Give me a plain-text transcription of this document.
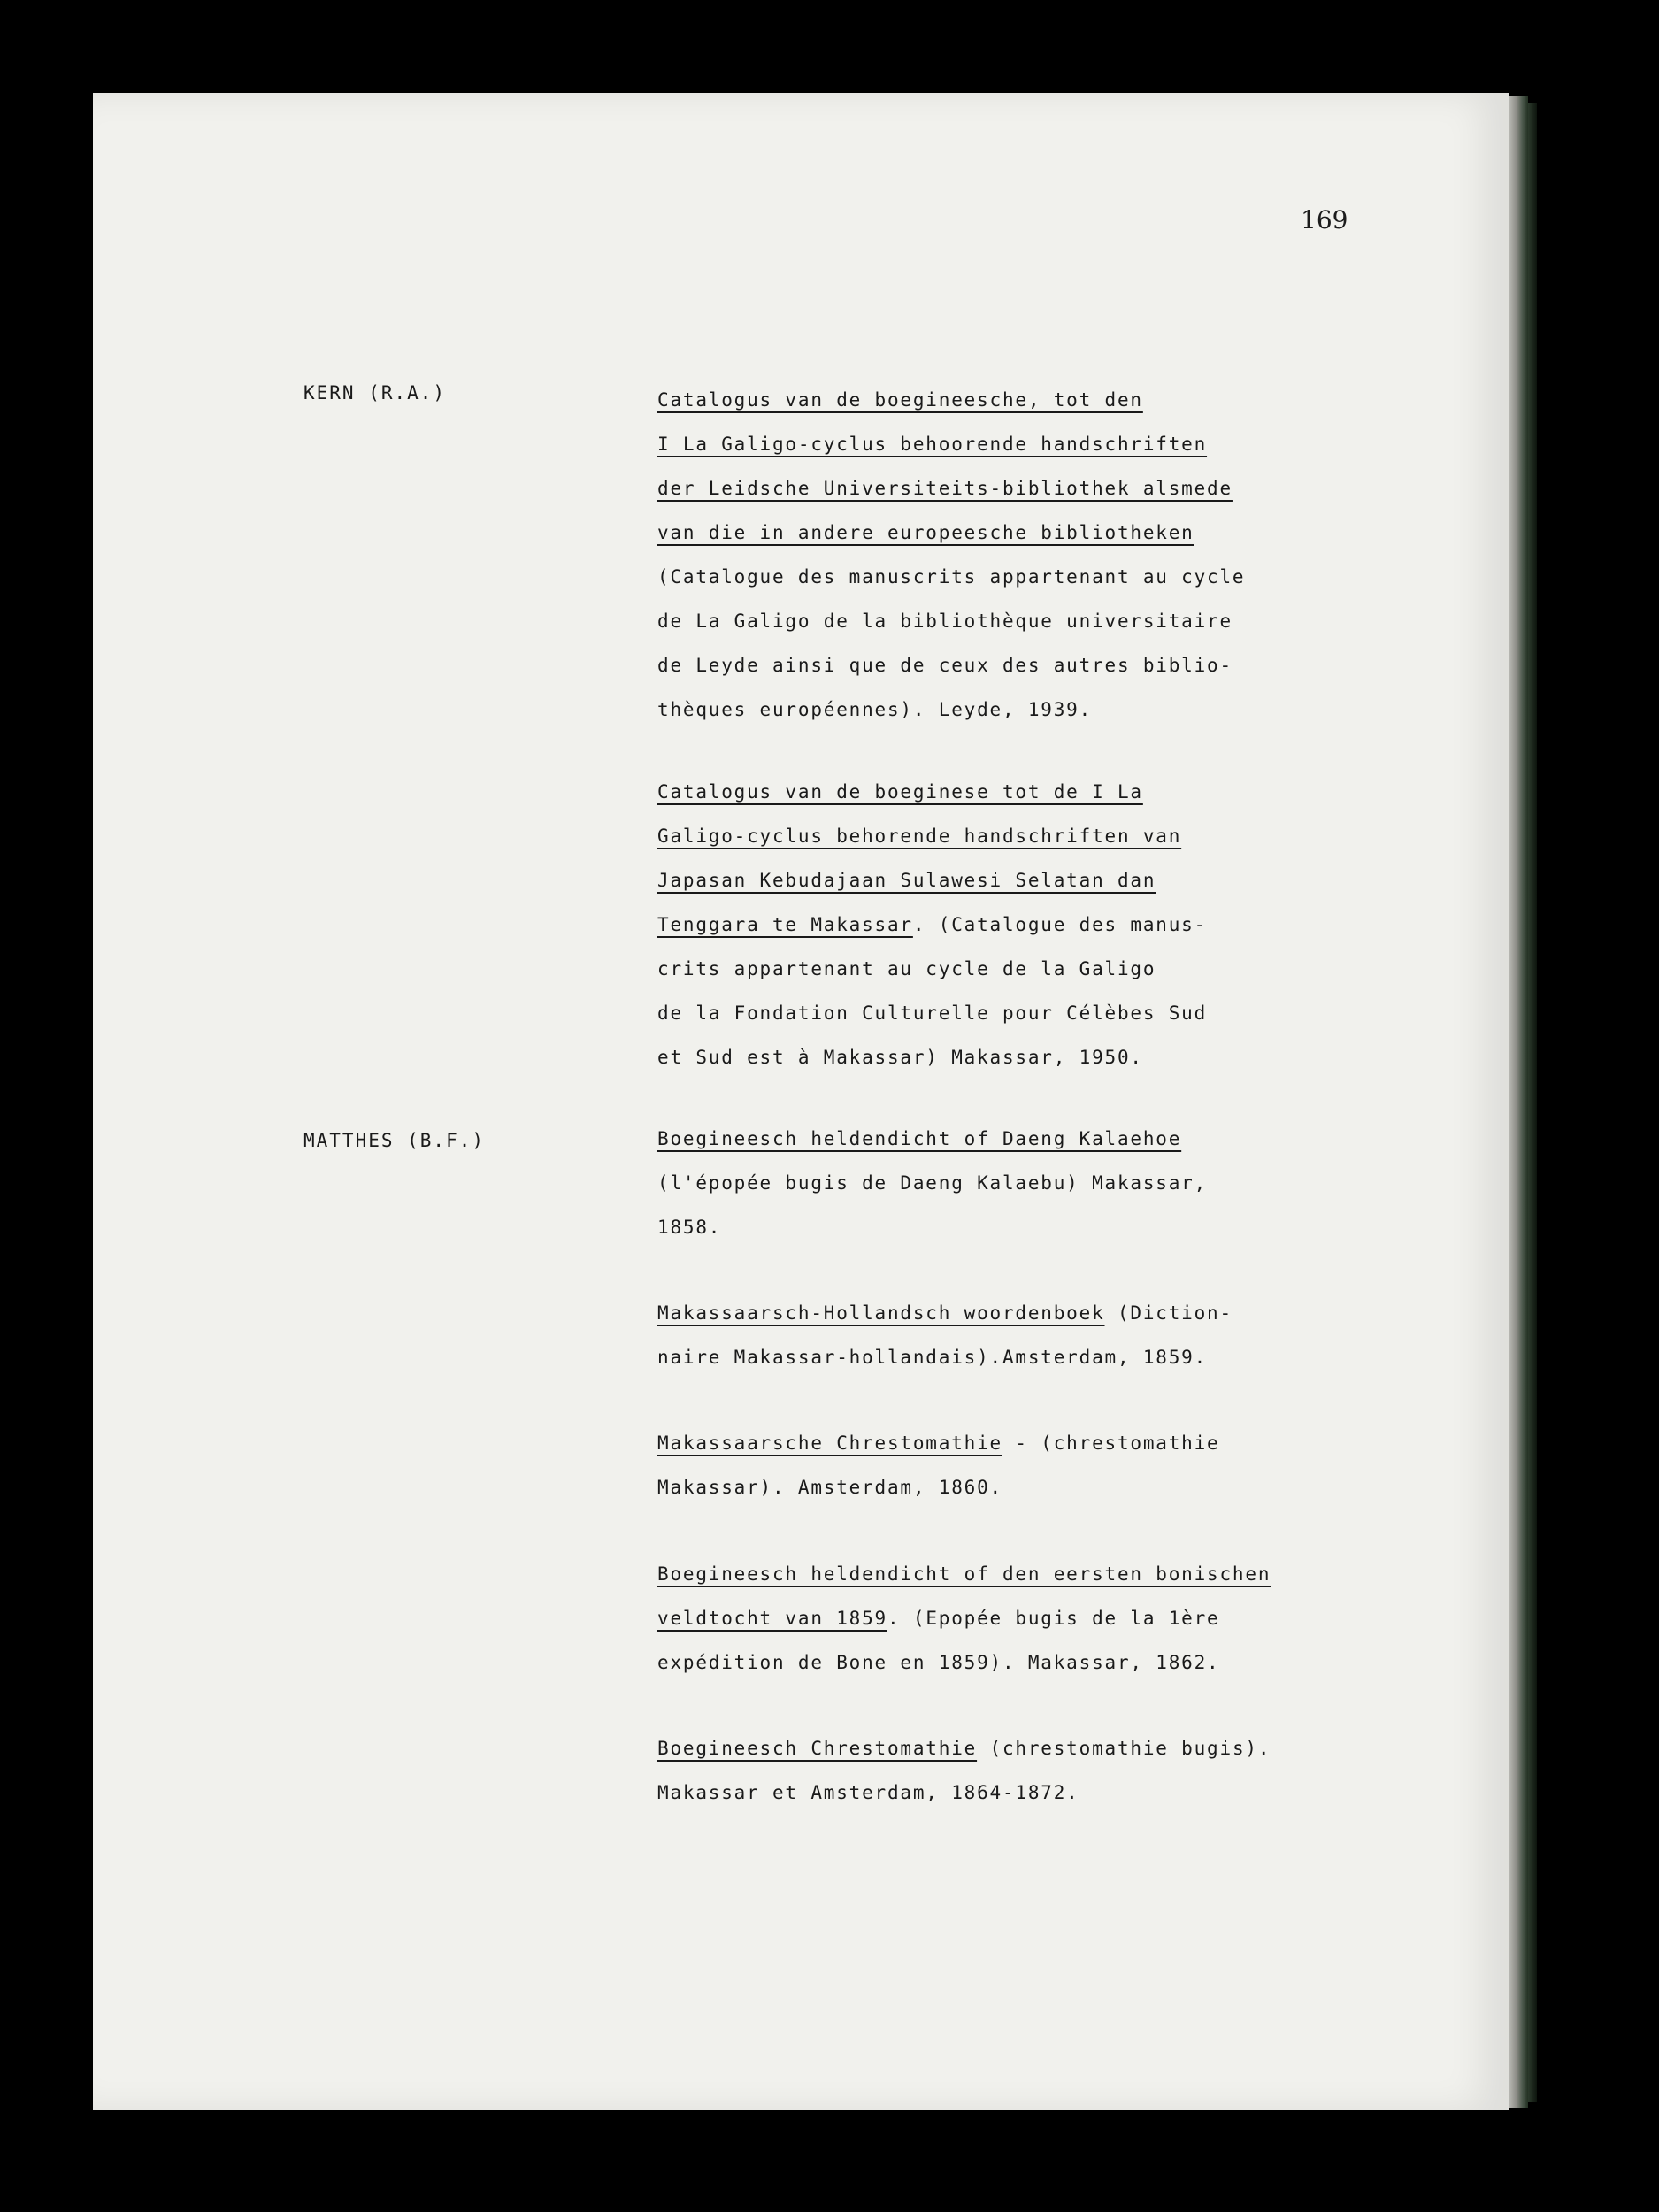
169
KERN (R.A.)	Catalogus van de boegineesche, tot den
I La Galigo-cyclus behoorende handschriften
der Leidsche Universiteits-bibliothek alsmede
van die in andere europeesche bibliotheken
(Catalogue des manuscrits appartenant au cycle
de La Galigo de la bibliothèque universitaire
de Leyde ainsi que de ceux des autres biblio-
thèques européennes). Leyde, 1939.

Catalogus van de boeginese tot de I La
Galigo-cyclus behorende handschriften van
Japasan Kebudajaan Sulawesi Selatan dan
Tenggara te Makassar. (Catalogue des manus-
crits appartenant au cycle de la Galigo
de la Fondation Culturelle pour Célèbes Sud
et Sud est à Makassar) Makassar, 1950.

MATTHES (B.F.)	Boegineesch heldendicht of Daeng Kalaehoe
(l'épopée bugis de Daeng Kalaebu) Makassar,
1858.

Makassaarsch-Hollandsch woordenboek (Diction-
naire Makassar-hollandais).Amsterdam, 1859.

Makassaarsche Chrestomathie - (chrestomathie
Makassar). Amsterdam, 1860.

Boegineesch heldendicht of den eersten bonischen
veldtocht van 1859. (Epopée bugis de la 1ère
expédition de Bone en 1859). Makassar, 1862.

Boegineesch Chrestomathie (chrestomathie bugis).
Makassar et Amsterdam, 1864-1872.
